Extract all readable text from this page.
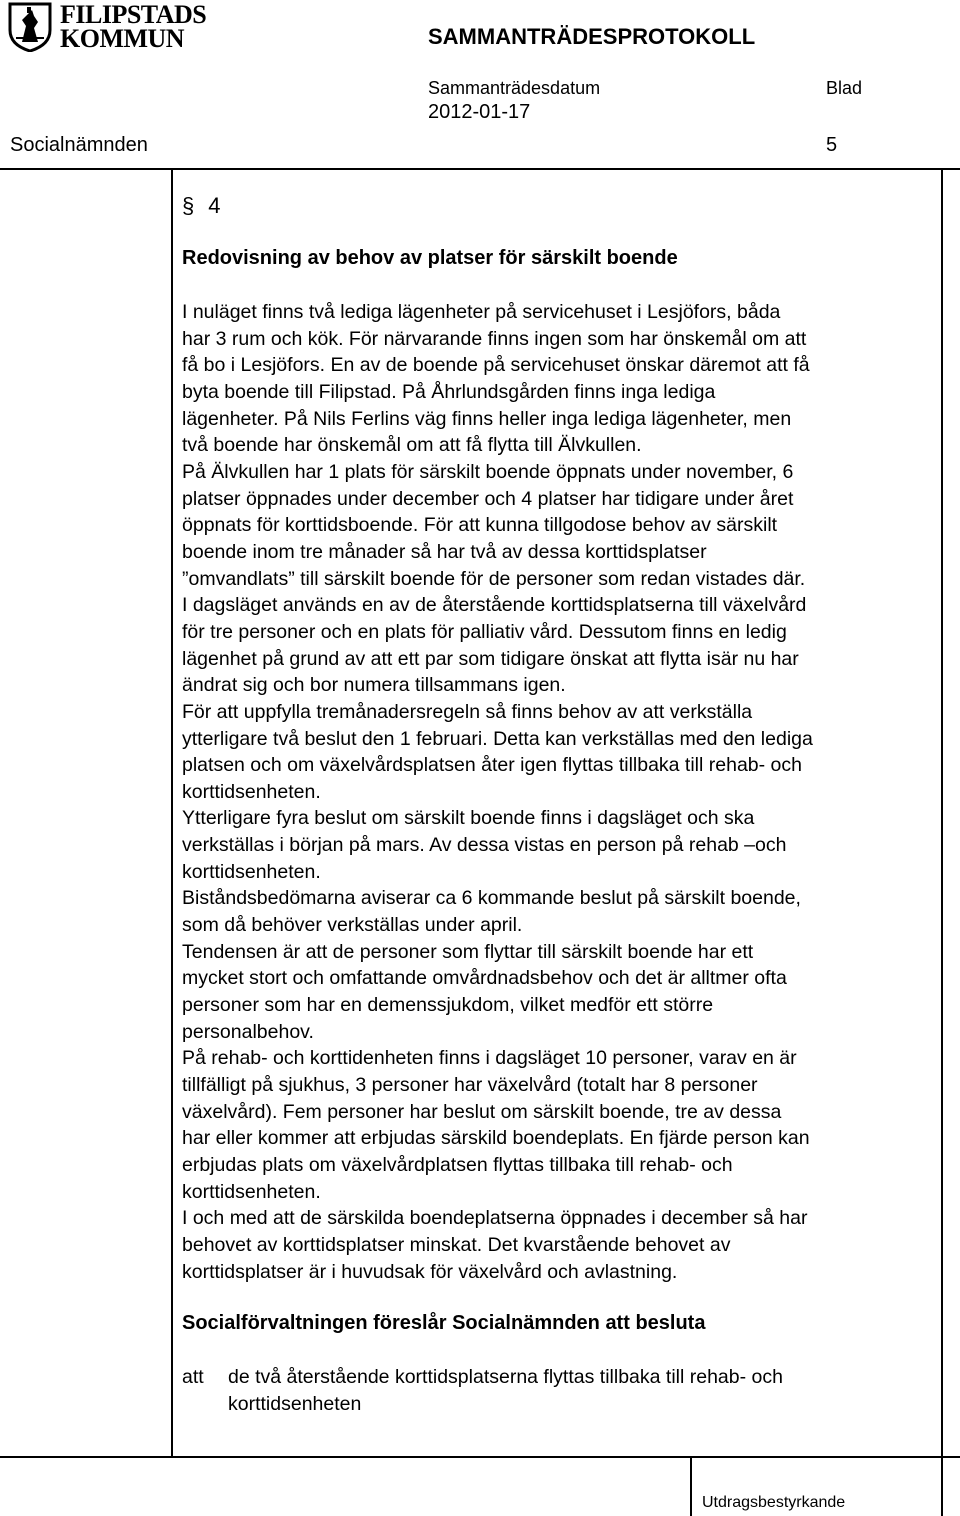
FILIPSTADS
KOMMUN	SAMMANTRÄDESPROTOKOLL
Sammanträdesdatum	Blad
2012-01-17
Socialnämnden	5
§ 4
Redovisning av behov av platser för särskilt boende

I nuläget finns två lediga lägenheter på servicehuset i Lesjöfors, båda

har 3 rum och kök. För närvarande finns ingen som har önskemål om att

få bo i Lesjöfors. En av de boende på servicehuset önskar däremot att få

byta boende till Filipstad. På Åhrlundsgården finns inga lediga

lägenheter. På Nils Ferlins väg finns heller inga lediga lägenheter, men

två boende har önskemål om att få flytta till Älvkullen.

På Älvkullen har 1 plats för särskilt boende öppnats under november, 6

platser öppnades under december och 4 platser har tidigare under året

öppnats för korttidsboende. För att kunna tillgodose behov av särskilt

boende inom tre månader så har två av dessa korttidsplatser

”omvandlats” till särskilt boende för de personer som redan vistades där.

I dagsläget används en av de återstående korttidsplatserna till växelvård

för tre personer och en plats för palliativ vård. Dessutom finns en ledig

lägenhet på grund av att ett par som tidigare önskat att flytta isär nu har

ändrat sig och bor numera tillsammans igen.

För att uppfylla tremånadersregeln så finns behov av att verkställa

ytterligare två beslut den 1 februari. Detta kan verkställas med den lediga

platsen och om växelvårdsplatsen åter igen flyttas tillbaka till rehab- och

korttidsenheten.

Ytterligare fyra beslut om särskilt boende finns i dagsläget och ska

verkställas i början på mars. Av dessa vistas en person på rehab –och

korttidsenheten.

Biståndsbedömarna aviserar ca 6 kommande beslut på särskilt boende,

som då behöver verkställas under april.

Tendensen är att de personer som flyttar till särskilt boende har ett

mycket stort och omfattande omvårdnadsbehov och det är alltmer ofta

personer som har en demenssjukdom, vilket medför ett större

personalbehov.

På rehab- och korttidenheten finns i dagsläget 10 personer, varav en är

tillfälligt på sjukhus, 3 personer har växelvård (totalt har 8 personer

växelvård). Fem personer har beslut om särskilt boende, tre av dessa

har eller kommer att erbjudas särskild boendeplats. En fjärde person kan

erbjudas plats om växelvårdplatsen flyttas tillbaka till rehab- och

korttidsenheten.

I och med att de särskilda boendeplatserna öppnades i december så har

behovet av korttidsplatser minskat. Det kvarstående behovet av

korttidsplatser är i huvudsak för växelvård och avlastning.

Socialförvaltningen föreslår Socialnämnden att besluta
att de två återstående korttidsplatserna flyttas tillbaka till rehab- och
korttidsenheten
Utdragsbestyrkande
